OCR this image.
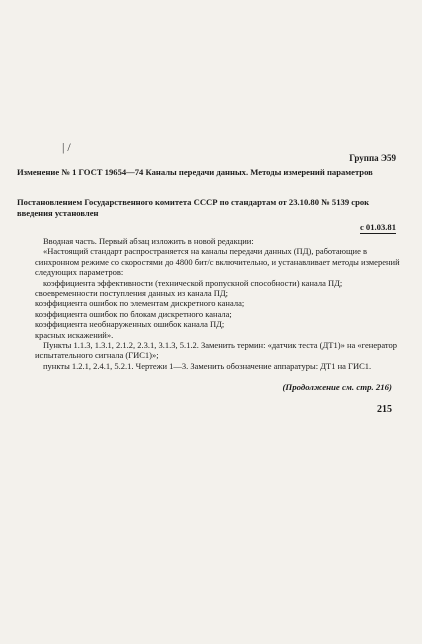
| /
Группа Э59
Изменение № 1 ГОСТ 19654—74 Каналы передачи данных. Методы измерений параметров
Постановлением Государственного комитета СССР по стандартам от 23.10.80 № 5139 срок введения установлен
с 01.03.81

Вводная часть. Первый абзац изложить в новой редакции:

«Настоящий стандарт распространяется на каналы передачи данных (ПД), работающие в синхронном режиме со скоростями до 4800 бит/с включительно, и устанавливает методы измерений следующих параметров:

коэффициента эффективности (технической пропускной способности) канала ПД;

своевременности поступления данных из канала ПД;

коэффициента ошибок по элементам дискретного канала;

коэффициента ошибок по блокам дискретного канала;

коэффициента необнаруженных ошибок канала ПД;

красных искажений».

Пункты 1.1.3, 1.3.1, 2.1.2, 2.3.1, 3.1.3, 5.1.2. Заменить термин: «датчик теста (ДТ1)» на «генератор испытательного сигнала (ГИС1)»;

пункты 1.2.1, 2.4.1, 5.2.1. Чертежи 1—3. Заменить обозначение аппаратуры: ДТ1 на ГИС1.

(Продолжение см. стр. 216)
215
